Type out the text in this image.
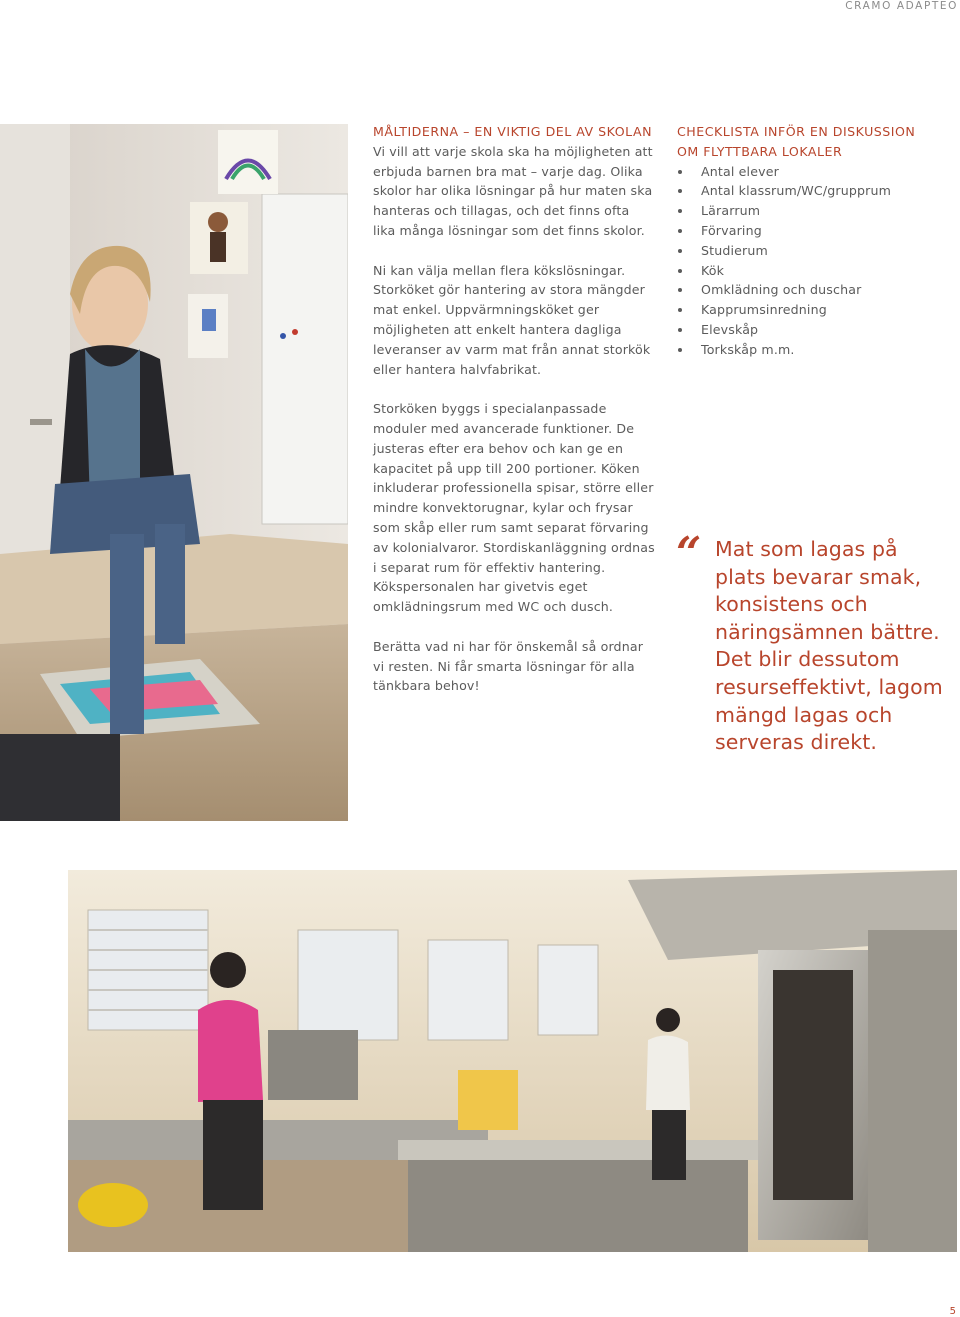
CRAMO ADAPTEO
MÅLTIDERNA – EN VIKTIG DEL AV SKOLAN

Vi vill att varje skola ska ha möjligheten att erbjuda barnen bra mat – varje dag. Olika skolor har olika lösningar på hur maten ska hanteras och tillagas, och det finns ofta lika många lösningar som det finns skolor.

Ni kan välja mellan flera kökslösningar. Storköket gör hantering av stora mängder mat enkel. Uppvärmningsköket ger möjligheten att enkelt hantera dagliga leveranser av varm mat från annat storkök eller hantera halvfabrikat.

Storköken byggs i specialanpassade moduler med avancerade funktioner. De justeras efter era behov och kan ge en kapacitet på upp till 200 portioner. Köken inkluderar professionella spisar, större eller mindre konvektorugnar, kylar och frysar som skåp eller rum samt separat förvaring av kolonialvaror. Stordiskanläggning ordnas i separat rum för effektiv hantering. Kökspersonalen har givetvis eget omklädningsrum med WC och dusch.

Berätta vad ni har för önskemål så ordnar vi resten. Ni får smarta lösningar för alla tänkbara behov!

CHECKLISTA INFÖR EN DISKUSSION OM FLYTTBARA LOKALER
Antal elever
Antal klassrum/WC/grupprum
Lärarrum
Förvaring
Studierum
Kök
Omklädning och duschar
Kapprumsinredning
Elevskåp
Torkskåp m.m.
“ Mat som lagas på plats bevarar smak, konsistens och näringsämnen bättre. Det blir dessutom resurseffektivt, lagom mängd lagas och serveras direkt.
5
